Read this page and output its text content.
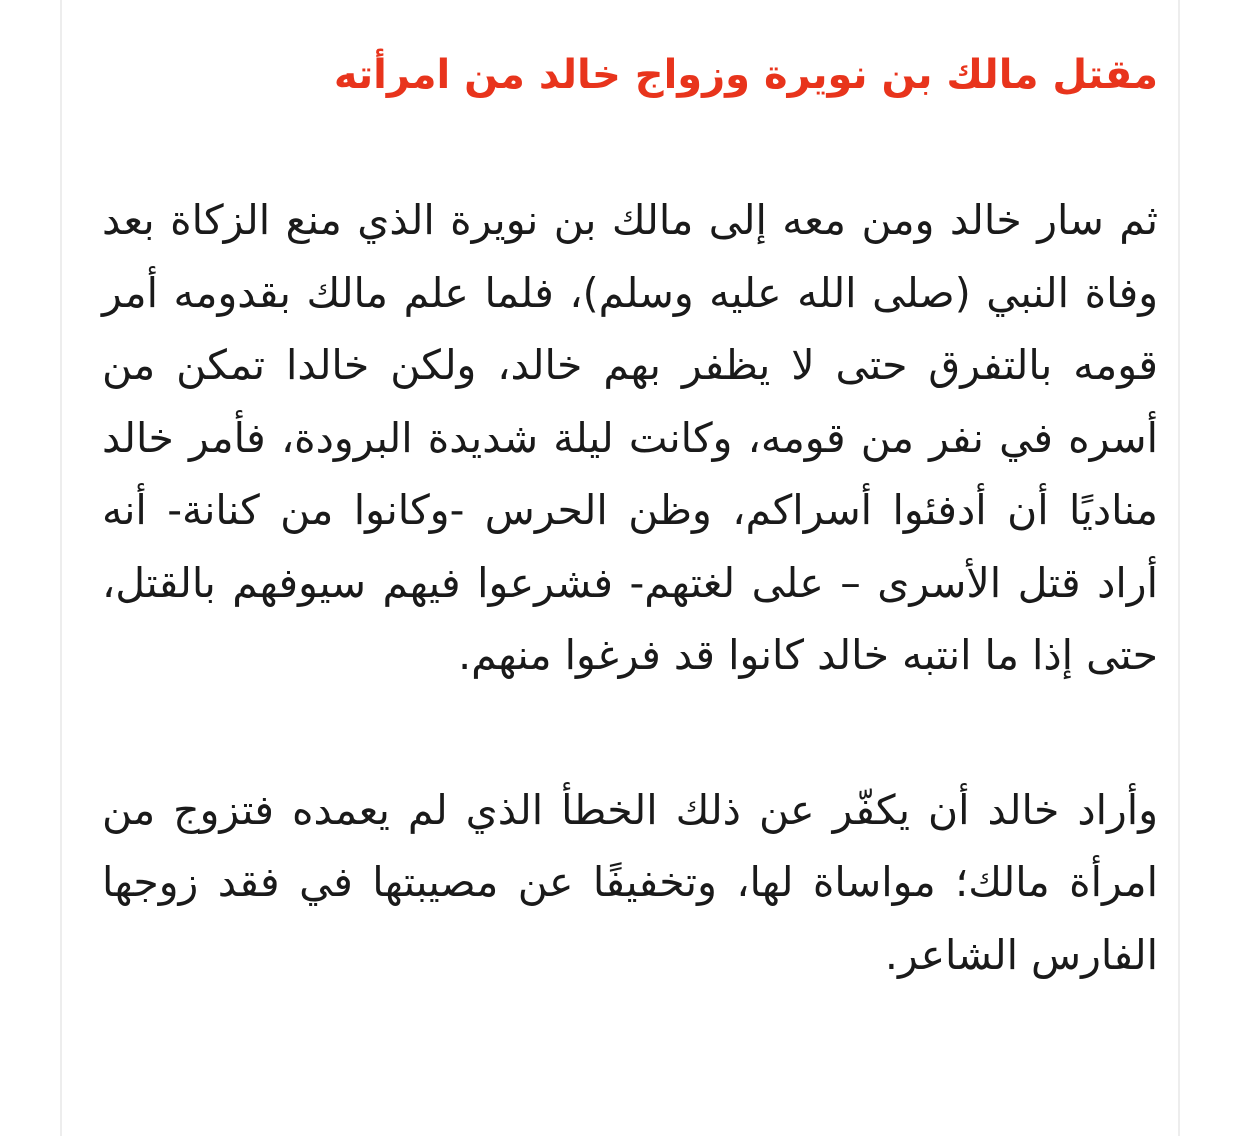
مقتل مالك بن نويرة وزواج خالد من امرأته

ثم سار خالد ومن معه إلى مالك بن نويرة الذي منع الزكاة بعد وفاة النبي (صلى الله عليه وسلم)، فلما علم مالك بقدومه أمر قومه بالتفرق حتى لا يظفر بهم خالد، ولكن خالدا تمكن من أسره في نفر من قومه، وكانت ليلة شديدة البرودة، فأمر خالد مناديًا أن أدفئوا أسراكم، وظن الحرس -وكانوا من كنانة- أنه أراد قتل الأسرى – على لغتهم- فشرعوا فيهم سيوفهم بالقتل، حتى إذا ما انتبه خالد كانوا قد فرغوا منهم.

وأراد خالد أن يكفّر عن ذلك الخطأ الذي لم يعمده فتزوج من امرأة مالك؛ مواساة لها، وتخفيفًا عن مصيبتها في فقد زوجها الفارس الشاعر.
